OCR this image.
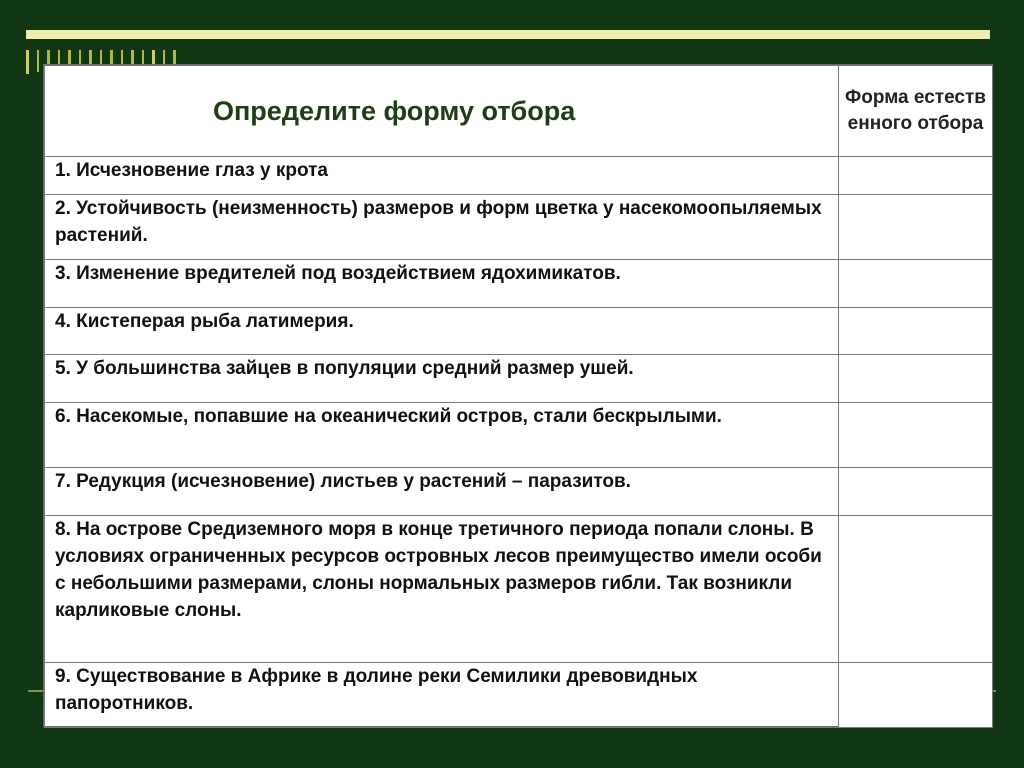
Определите форму отбора	Форма естественного отбора
1. Исчезновение глаз у крота	
2. Устойчивость (неизменность) размеров и форм цветка у насекомоопыляемых растений.	
3. Изменение вредителей под воздействием ядохимикатов.	
4. Кистеперая рыба латимерия.	
5. У большинства зайцев в популяции средний размер ушей.	
6. Насекомые, попавшие на океанический остров, стали бескрылыми.	
7. Редукция (исчезновение) листьев у растений – паразитов.	
8. На острове Средиземного моря в конце третичного периода попали слоны. В условиях ограниченных ресурсов островных лесов преимущество имели особи с небольшими размерами, слоны нормальных размеров гибли. Так возникли карликовые слоны.	
9. Существование в Африке в долине реки Семилики древовидных папоротников.	
